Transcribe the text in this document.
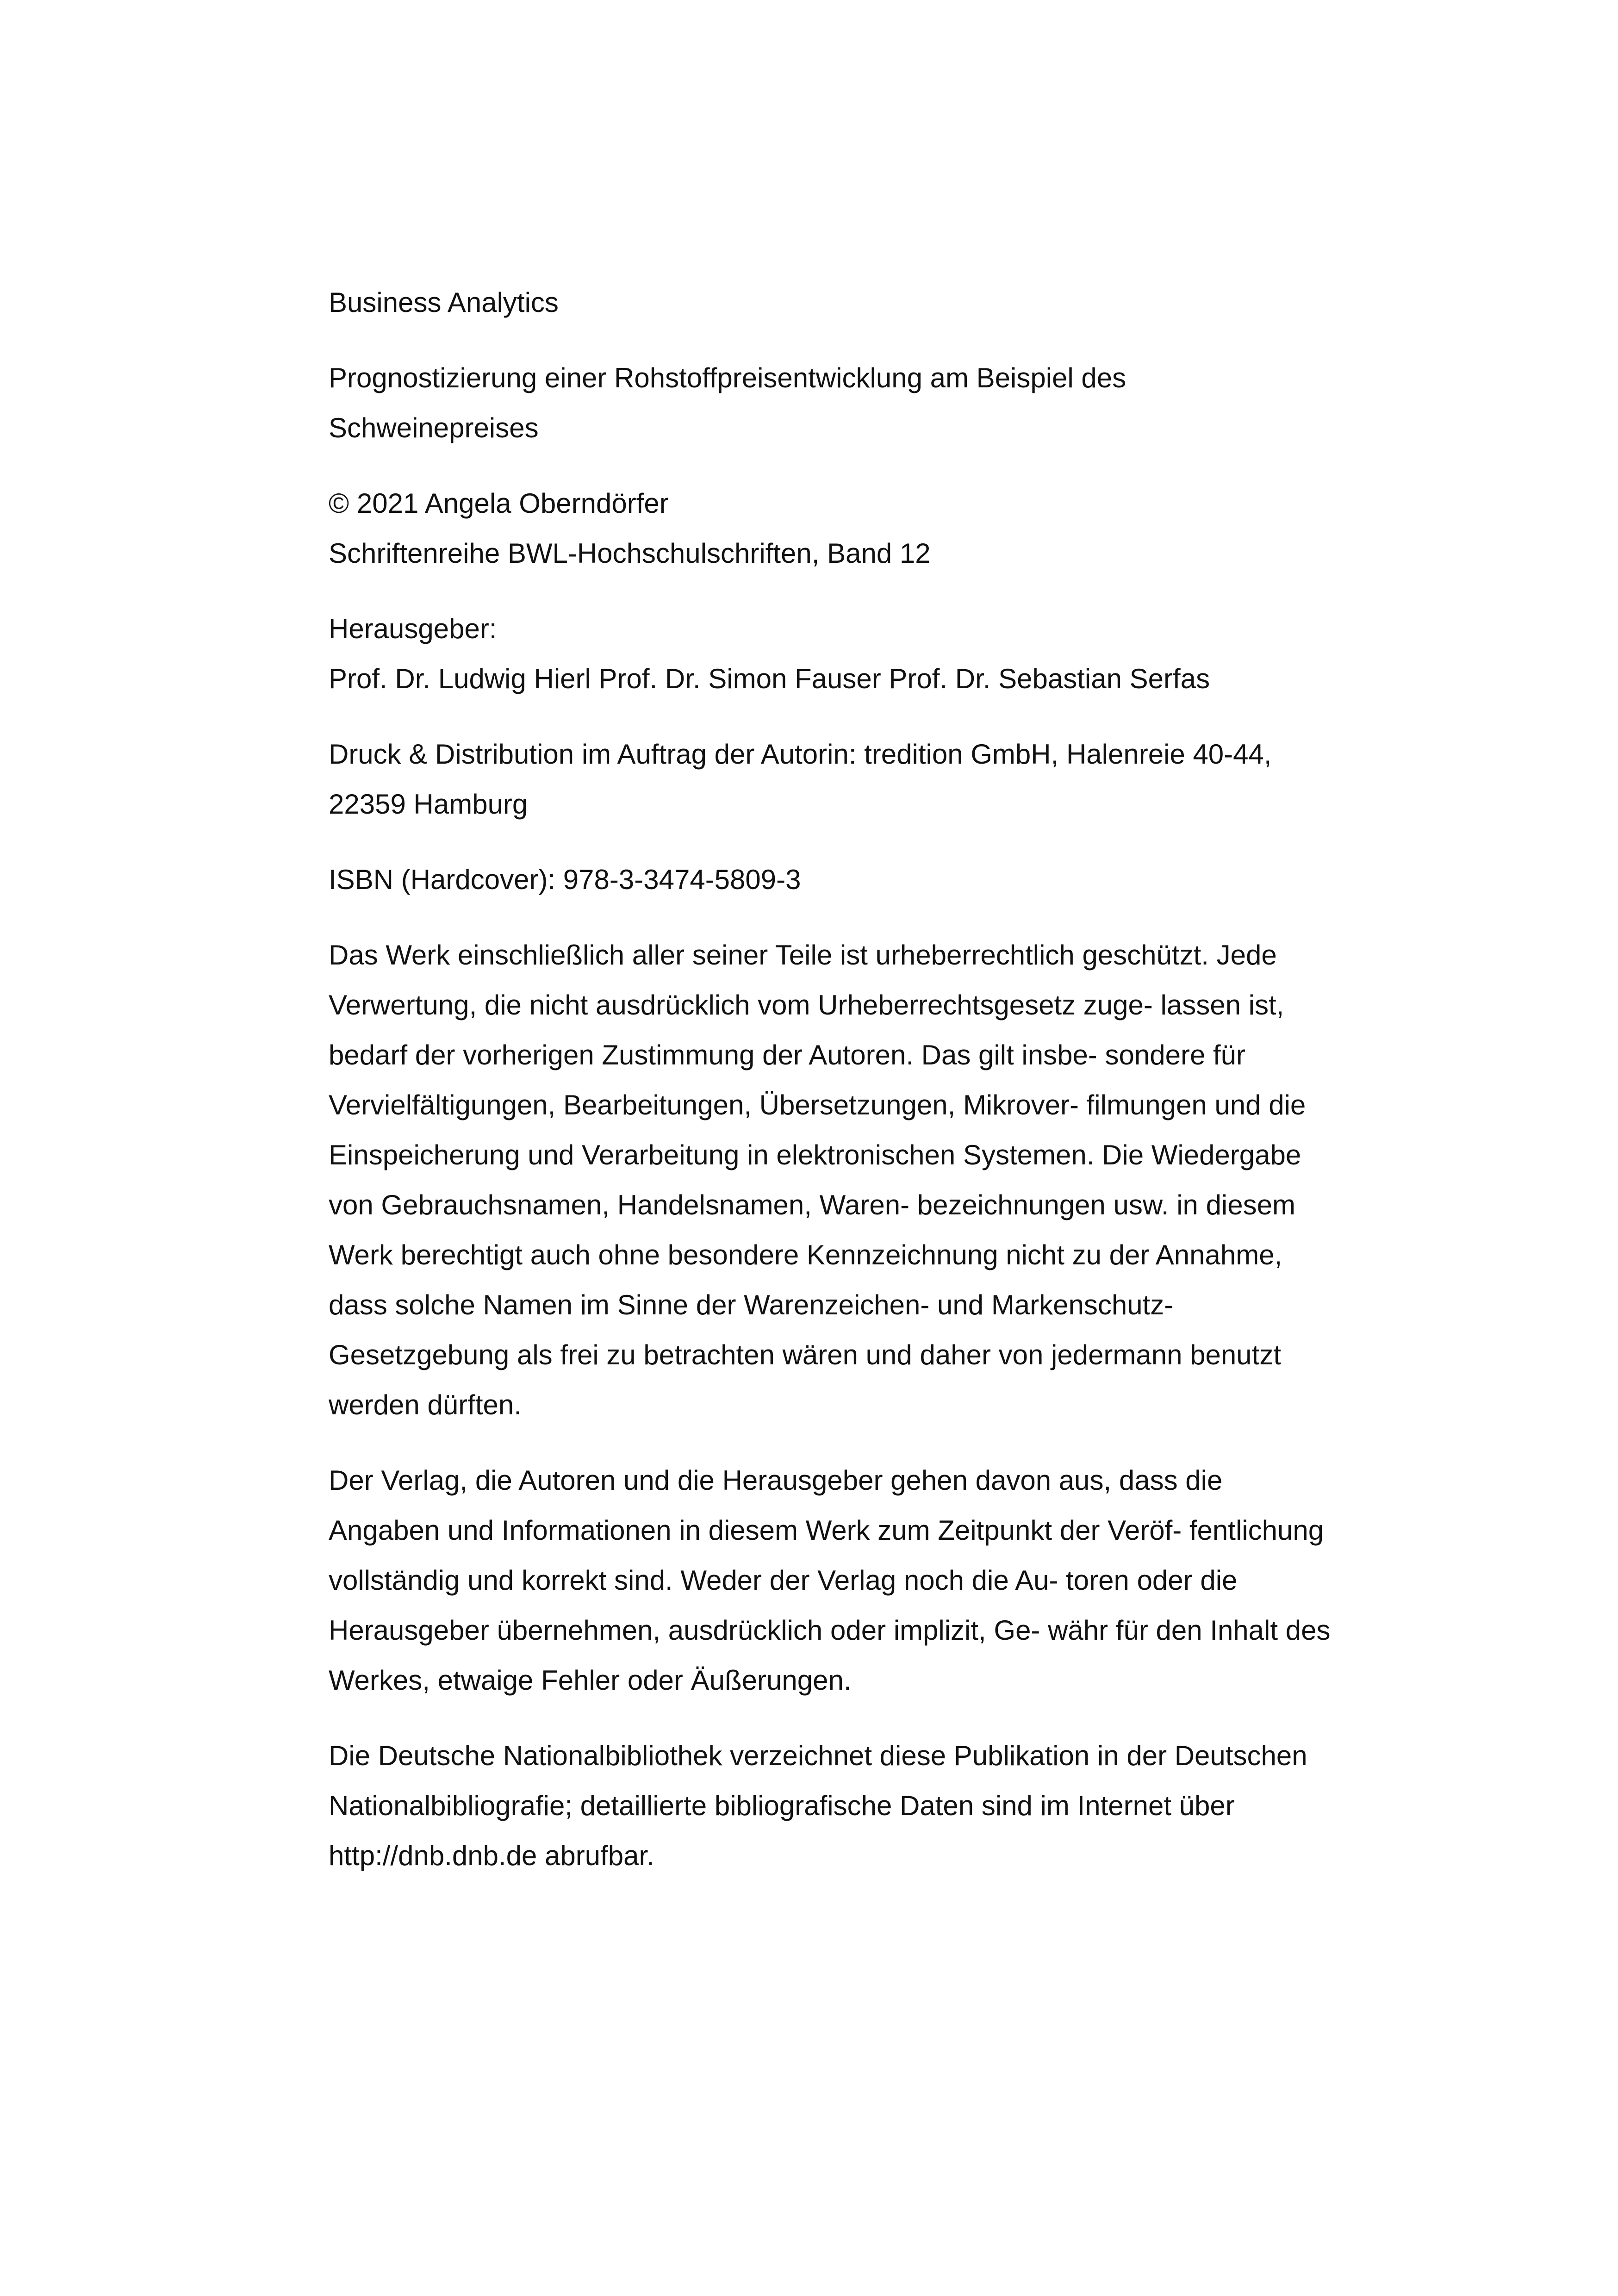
Business Analytics
Prognostizierung einer Rohstoffpreisentwicklung am Beispiel des
Schweinepreises
© 2021 Angela Oberndörfer
Schriftenreihe BWL-Hochschulschriften, Band 12
Herausgeber:
Prof. Dr. Ludwig Hierl Prof. Dr. Simon Fauser Prof. Dr. Sebastian Serfas
Druck & Distribution im Auftrag der Autorin: tredition GmbH, Halenreie 40-44,
22359 Hamburg
ISBN (Hardcover): 978-3-3474-5809-3
Das Werk einschließlich aller seiner Teile ist urheberrechtlich geschützt. Jede
Verwertung, die nicht ausdrücklich vom Urheberrechtsgesetz zuge- lassen ist,
bedarf der vorherigen Zustimmung der Autoren. Das gilt insbe- sondere für
Vervielfältigungen, Bearbeitungen, Übersetzungen, Mikrover- filmungen und die
Einspeicherung und Verarbeitung in elektronischen Systemen. Die Wiedergabe
von Gebrauchsnamen, Handelsnamen, Waren- bezeichnungen usw. in diesem
Werk berechtigt auch ohne besondere Kennzeichnung nicht zu der Annahme,
dass solche Namen im Sinne der Warenzeichen- und Markenschutz-
Gesetzgebung als frei zu betrachten wären und daher von jedermann benutzt
werden dürften.
Der Verlag, die Autoren und die Herausgeber gehen davon aus, dass die
Angaben und Informationen in diesem Werk zum Zeitpunkt der Veröf- fentlichung
vollständig und korrekt sind. Weder der Verlag noch die Au- toren oder die
Herausgeber übernehmen, ausdrücklich oder implizit, Ge- währ für den Inhalt des
Werkes, etwaige Fehler oder Äußerungen.
Die Deutsche Nationalbibliothek verzeichnet diese Publikation in der Deutschen
Nationalbibliografie; detaillierte bibliografische Daten sind im Internet über
http://dnb.dnb.de abrufbar.
